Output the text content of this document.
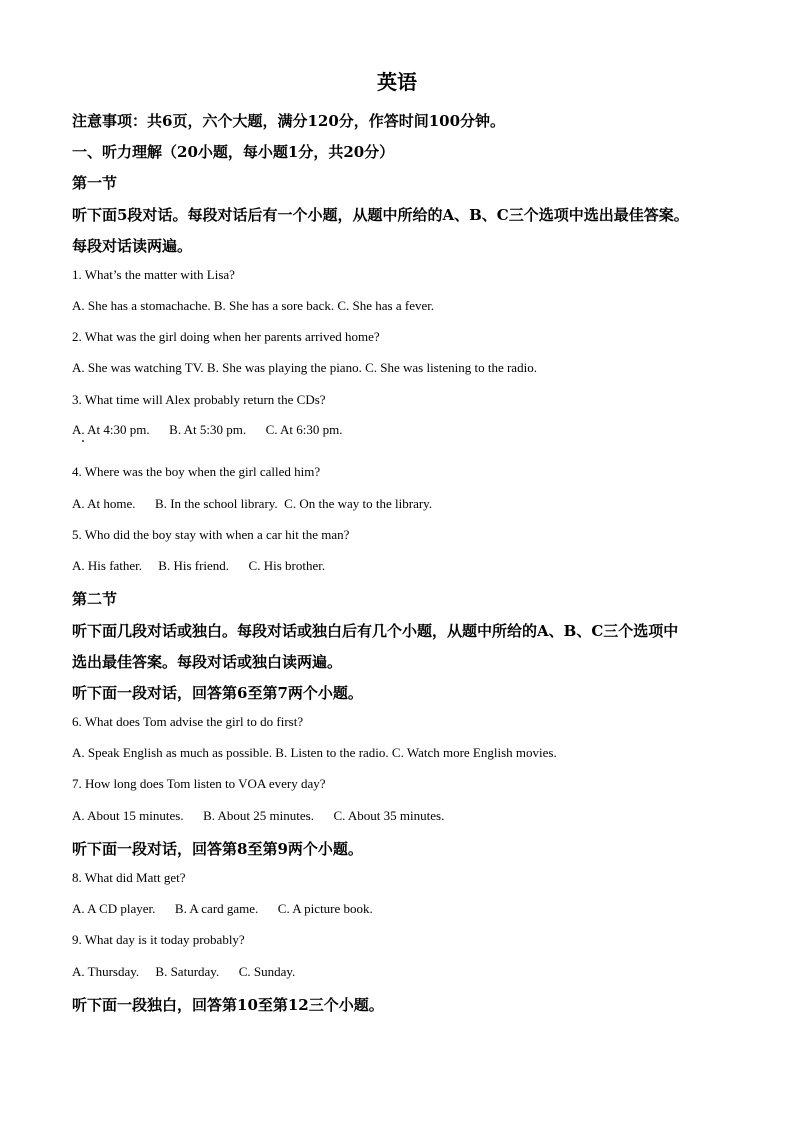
英语
注意事项：共6页，六个大题，满分120分，作答时间100分钟。
一、听力理解（20小题，每小题1分，共20分）
第一节
听下面5段对话。每段对话后有一个小题，从题中所给的A、B、C三个选项中选出最佳答案。
每段对话读两遍。
1. What’s the matter with Lisa?
A. She has a stomachache. B. She has a sore back. C. She has a fever.
2. What was the girl doing when her parents arrived home?
A. She was watching TV. B. She was playing the piano. C. She was listening to the radio.
3. What time will Alex probably return the CDs?
A. At 4:30 pm.      B. At 5:30 pm.      C. At 6:30 pm.
4. Where was the boy when the girl called him?
A. At home.      B. In the school library.  C. On the way to the library.
5. Who did the boy stay with when a car hit the man?
A. His father.     B. His friend.      C. His brother.
第二节
听下面几段对话或独白。每段对话或独白后有几个小题，从题中所给的A、B、C三个选项中
选出最佳答案。每段对话或独白读两遍。
听下面一段对话，回答第6至第7两个小题。
6. What does Tom advise the girl to do first?
A. Speak English as much as possible. B. Listen to the radio. C. Watch more English movies.
7. How long does Tom listen to VOA every day?
A. About 15 minutes.      B. About 25 minutes.      C. About 35 minutes.
听下面一段对话，回答第8至第9两个小题。
8. What did Matt get?
A. A CD player.      B. A card game.      C. A picture book.
9. What day is it today probably?
A. Thursday.     B. Saturday.      C. Sunday.
听下面一段独白，回答第10至第12三个小题。
